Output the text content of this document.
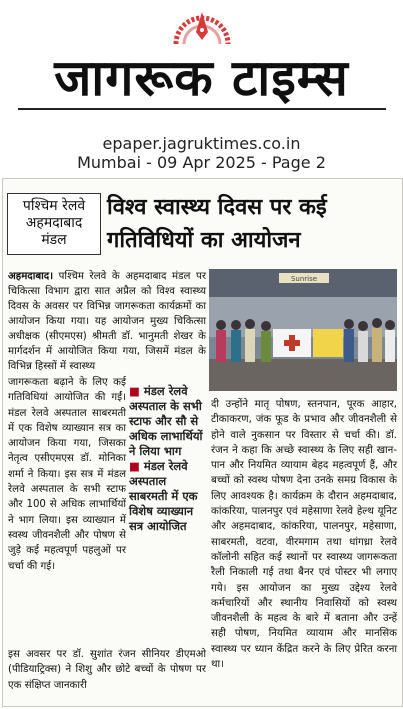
जागरूक टाइम्स
epaper.jagruktimes.co.in
Mumbai - 09 Apr 2025 - Page 2
पश्चिम रेलवे
अहमदाबाद
मंडल
विश्व स्वास्थ्य दिवस पर कई गतिविधियों का आयोजन
Sunrise
अहमदाबाद। पश्चिम रेलवे के अहमदाबाद मंडल पर चिकित्सा विभाग द्वारा सात अप्रैल को विश्व स्वास्थ्य दिवस के अवसर पर विभिन्न जागरूकता कार्यक्रमों का आयोजन किया गया। यह आयोजन मुख्य चिकित्सा अधीक्षक (सीएमएस) श्रीमती डॉ. भानुमती शेखर के मार्गदर्शन में आयोजित किया गया, जिसमें मंडल के विभिन्न हिस्सों में स्वास्थ्य
जागरूकता बढ़ाने के लिए कई गतिविधियां आयोजित की गईं। मंडल रेलवे अस्पताल साबरमती में एक विशेष व्याख्यान सत्र का आयोजन किया गया, जिसका नेतृत्व एसीएमएस डॉ. मोनिका शर्मा ने किया। इस सत्र में मंडल रेलवे अस्पताल के सभी स्टाफ और 100 से अधिक लाभार्थियों ने भाग लिया। इस व्याख्यान में स्वस्थ जीवनशैली और पोषण से जुड़े कई महत्वपूर्ण पहलुओं पर चर्चा की गई।
■ मंडल रेलवे अस्पताल के सभी स्टाफ और सौ से अधिक लाभार्थियों ने लिया भाग
■ मंडल रेलवे अस्पताल साबरमती में एक विशेष व्याख्यान सत्र आयोजित
इस अवसर पर डॉ. सुशांत रंजन सीनियर डीएमओ (पीडियाट्रिक्स) ने शिशु और छोटे बच्चों के पोषण पर एक संक्षिप्त जानकारी
दी उन्होंने मातृ पोषण, स्तनपान, पूरक आहार, टीकाकरण, जंक फूड के प्रभाव और जीवनशैली से होने वाले नुकसान पर विस्तार से चर्चा की। डॉ. रंजन ने कहा कि अच्छे स्वास्थ्य के लिए सही खान-पान और नियमित व्यायाम बेहद महत्वपूर्ण हैं, और बच्चों को स्वस्थ पोषण देना उनके समग्र विकास के लिए आवश्यक है। कार्यक्रम के दौरान अहमदाबाद, कांकरिया, पालनपुर एवं महेसाणा रेलवे हेल्थ यूनिट और अहमदाबाद, कांकरिया, पालनपुर, महेसाणा, साबरमती, वटवा, वीरमगाम तथा धांगध्रा रेलवे कॉलोनी सहित कई स्थानों पर स्वास्थ्य जागरूकता रैली निकाली गई तथा बैनर एवं पोस्टर भी लगाए गये। इस आयोजन का मुख्य उद्देश्य रेलवे कर्मचारियों और स्थानीय निवासियों को स्वस्थ जीवनशैली के महत्व के बारे में बताना और उन्हें सही पोषण, नियमित व्यायाम और मानसिक स्वास्थ्य पर ध्यान केंद्रित करने के लिए प्रेरित करना था।
